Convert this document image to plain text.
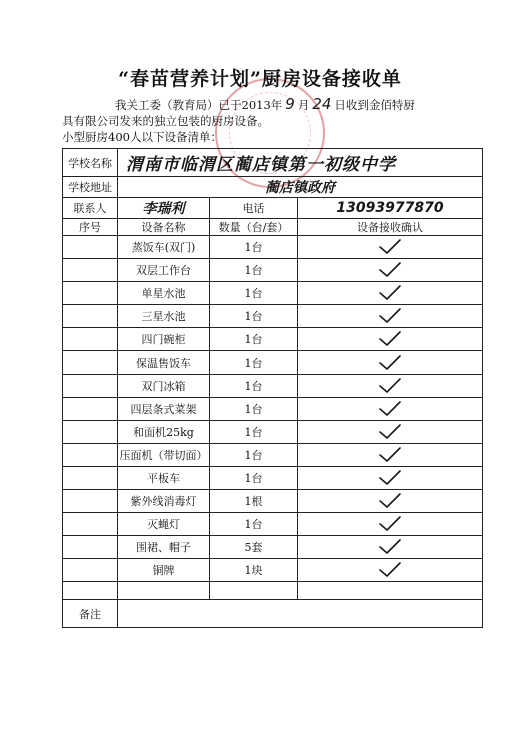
“春苗营养计划”厨房设备接收单
我关工委（教育局）已于2013年 9 月 24 日收到金佰特厨
具有限公司发来的独立包装的厨房设备。
小型厨房400人以下设备清单：
学校名称	渭南市临渭区蔺店镇第一初级中学		
学校地址	蔺店镇政府		
联系人	李瑞利	电话	13093977870
序号	设备名称	数量（台/套）	设备接收确认
	蒸饭车(双门)	1台	
	双层工作台	1台	
	单星水池	1台	
	三星水池	1台	
	四门碗柜	1台	
	保温售饭车	1台	
	双门冰箱	1台	
	四层条式菜架	1台	
	和面机25kg	1台	
	压面机（带切面）	1台	
	平板车	1台	
	紫外线消毒灯	1根	
	灭蝇灯	1台	
	围裙、帽子	5套	
	铜牌	1块	

备注			
